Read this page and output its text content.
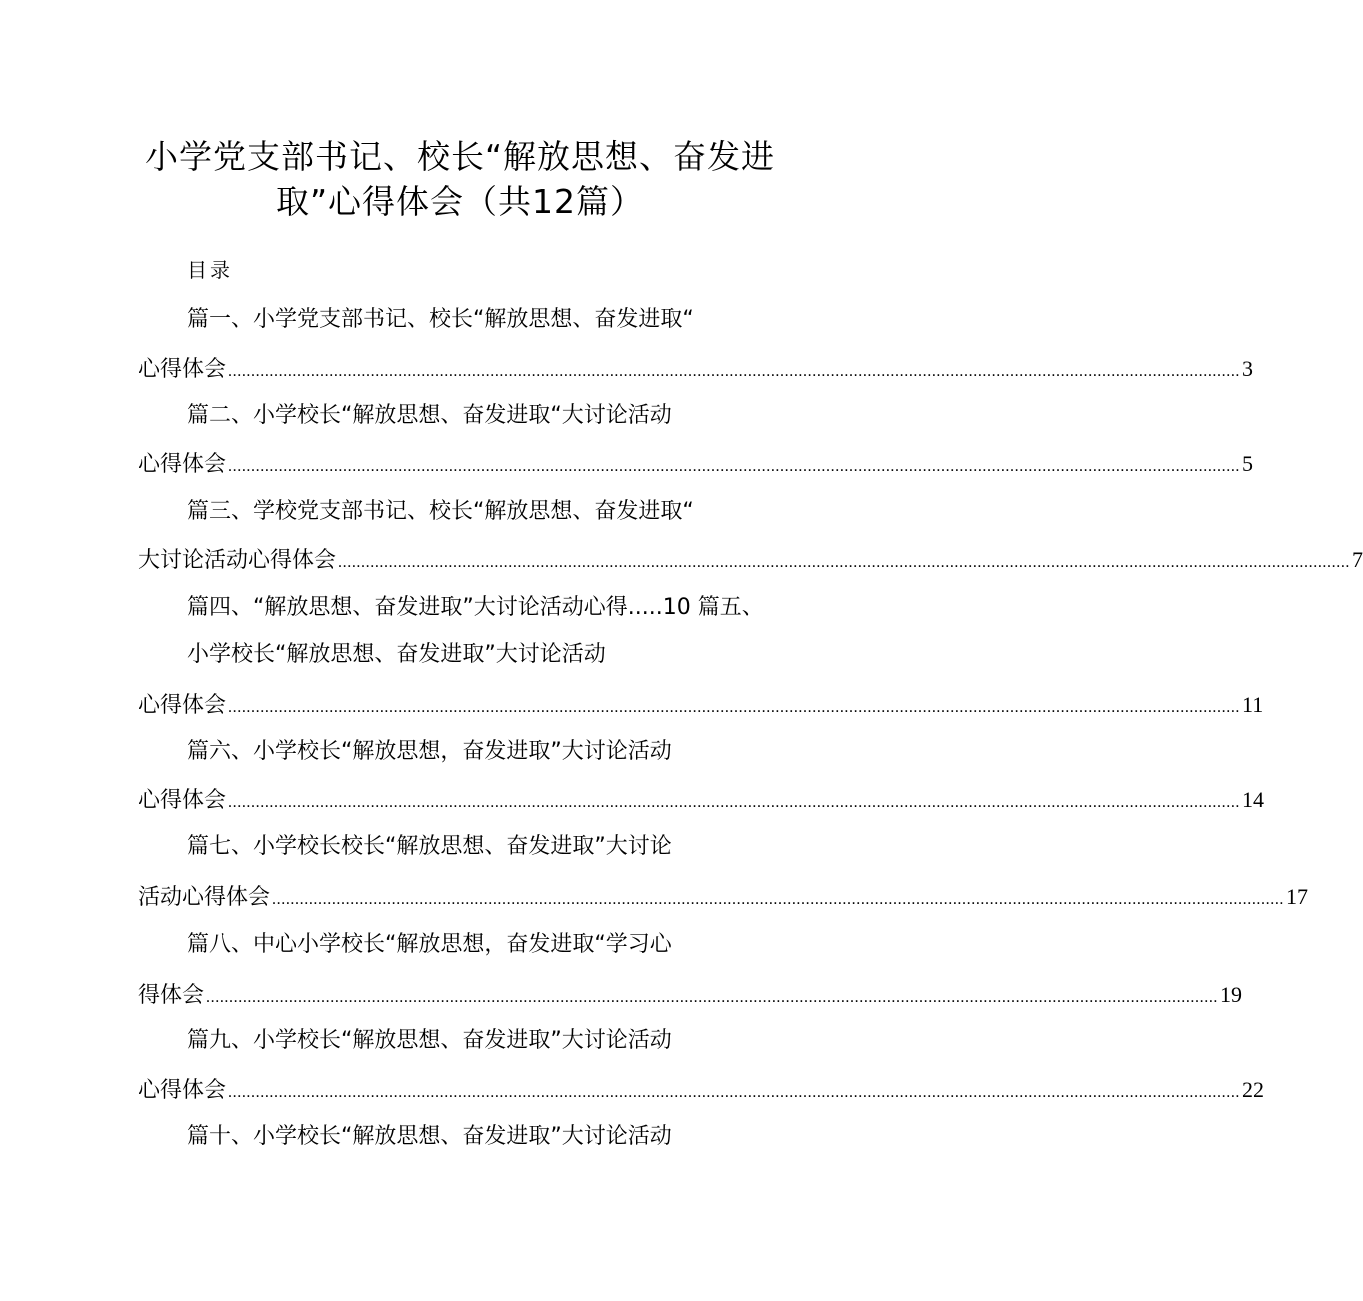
小学党支部书记、校长“解放思想、奋发进
取”心得体会（共12篇）
目录
篇一、小学党支部书记、校长“解放思想、奋发进取“
心得体会 ............................................................................................................................................................................................................................ 3
篇二、小学校长“解放思想、奋发进取“大讨论活动
心得体会 ............................................................................................................................................................................................................................ 5
篇三、学校党支部书记、校长“解放思想、奋发进取“
大讨论活动心得体会 ............................................................................................................................................................................................................................ 7
篇四、“解放思想、奋发进取”大讨论活动心得.....10 篇五、
小学校长“解放思想、奋发进取”大讨论活动
心得体会 ............................................................................................................................................................................................................................ 11
篇六、小学校长“解放思想，奋发进取”大讨论活动
心得体会 ............................................................................................................................................................................................................................ 14
篇七、小学校长校长“解放思想、奋发进取”大讨论
活动心得体会 ............................................................................................................................................................................................................................ 17
篇八、中心小学校长“解放思想，奋发进取“学习心
得体会 ............................................................................................................................................................................................................................ 19
篇九、小学校长“解放思想、奋发进取”大讨论活动
心得体会 ............................................................................................................................................................................................................................ 22
篇十、小学校长“解放思想、奋发进取”大讨论活动
